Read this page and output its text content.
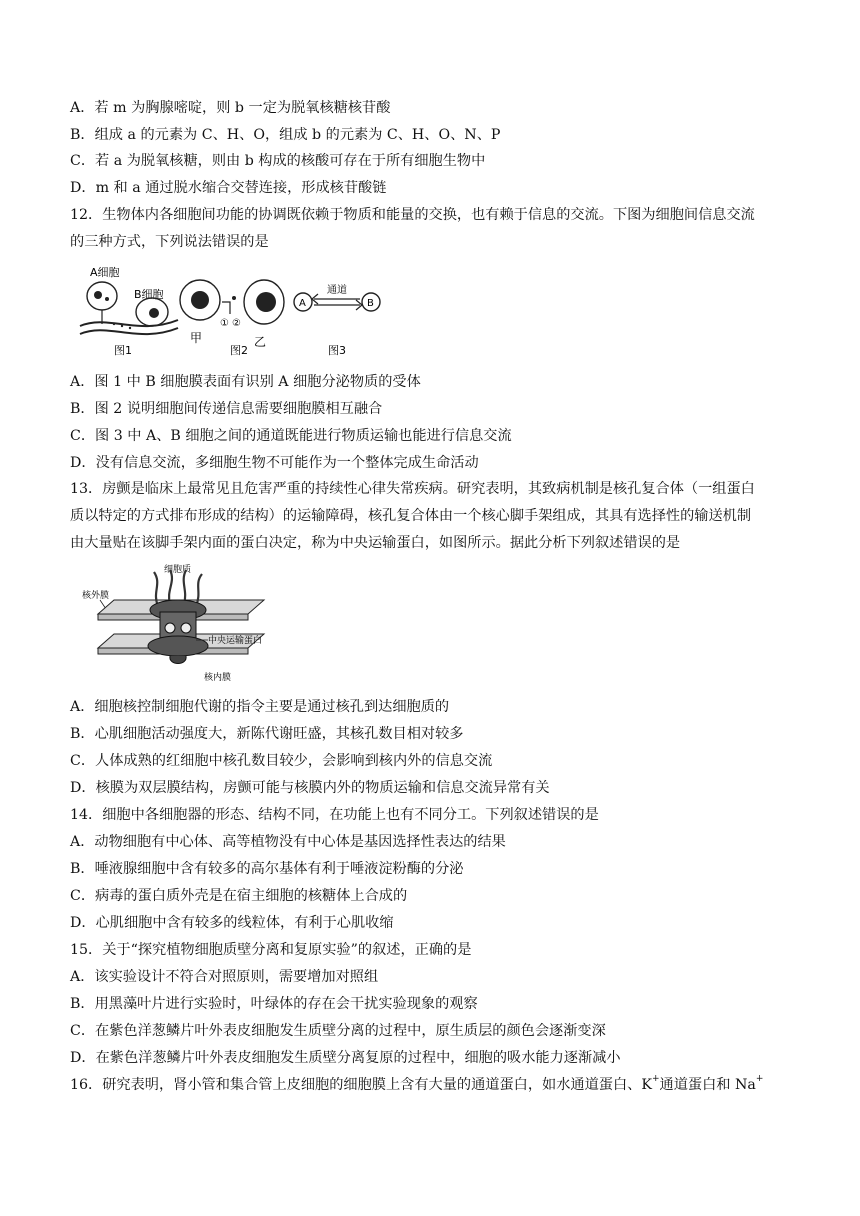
A．若 m 为胸腺嘧啶，则 b 一定为脱氧核糖核苷酸
B．组成 a 的元素为 C、H、O，组成 b 的元素为 C、H、O、N、P
C．若 a 为脱氧核糖，则由 b 构成的核酸可存在于所有细胞生物中
D．m 和 a 通过脱水缩合交替连接，形成核苷酸链
12．生物体内各细胞间功能的协调既依赖于物质和能量的交换，也有赖于信息的交流。下图为细胞间信息交流
的三种方式，下列说法错误的是
A细胞
B细胞
图1
甲
① ②
乙
图2
A
通道
B
图3
A．图 1 中 B 细胞膜表面有识别 A 细胞分泌物质的受体
B．图 2 说明细胞间传递信息需要细胞膜相互融合
C．图 3 中 A、B 细胞之间的通道既能进行物质运输也能进行信息交流
D．没有信息交流，多细胞生物不可能作为一个整体完成生命活动
13．房颤是临床上最常见且危害严重的持续性心律失常疾病。研究表明，其致病机制是核孔复合体（一组蛋白
质以特定的方式排布形成的结构）的运输障碍，核孔复合体由一个核心脚手架组成，其具有选择性的输送机制
由大量贴在该脚手架内面的蛋白决定，称为中央运输蛋白，如图所示。据此分析下列叙述错误的是
细胞质
核外膜
中央运输蛋白
核内膜
A．细胞核控制细胞代谢的指令主要是通过核孔到达细胞质的
B．心肌细胞活动强度大，新陈代谢旺盛，其核孔数目相对较多
C．人体成熟的红细胞中核孔数目较少，会影响到核内外的信息交流
D．核膜为双层膜结构，房颤可能与核膜内外的物质运输和信息交流异常有关
14．细胞中各细胞器的形态、结构不同，在功能上也有不同分工。下列叙述错误的是
A．动物细胞有中心体、高等植物没有中心体是基因选择性表达的结果
B．唾液腺细胞中含有较多的高尔基体有利于唾液淀粉酶的分泌
C．病毒的蛋白质外壳是在宿主细胞的核糖体上合成的
D．心肌细胞中含有较多的线粒体，有利于心肌收缩
15．关于“探究植物细胞质壁分离和复原实验”的叙述，正确的是
A．该实验设计不符合对照原则，需要增加对照组
B．用黑藻叶片进行实验时，叶绿体的存在会干扰实验现象的观察
C．在紫色洋葱鳞片叶外表皮细胞发生质壁分离的过程中，原生质层的颜色会逐渐变深
D．在紫色洋葱鳞片叶外表皮细胞发生质壁分离复原的过程中，细胞的吸水能力逐渐减小
16．研究表明，肾小管和集合管上皮细胞的细胞膜上含有大量的通道蛋白，如水通道蛋白、K+通道蛋白和 Na+
